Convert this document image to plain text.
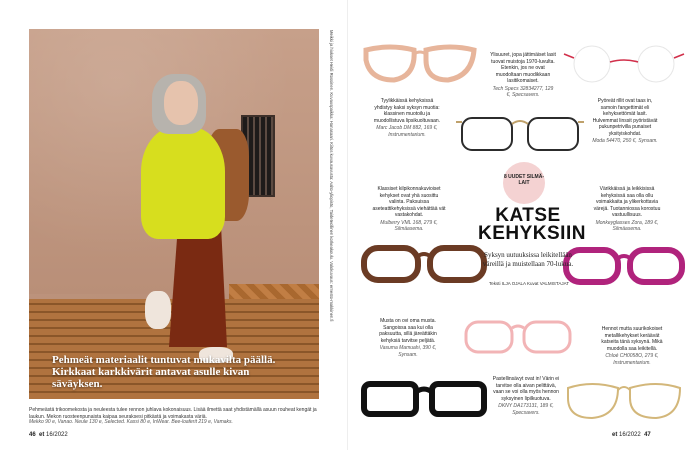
Pehmeät materiaalit tuntuvat mukavilta päällä. Kirkkaat karkkivärit antavat asulle kivan säväyksen.
Pehmeästä trikoomekosta ja neuleesta tulee rennon juhlava kokonaisuus. Lisää ilmettä saat yhdistämällä asuun rouheat kengät ja laukun. Mekon ruosteenpunaista kaipaa seuraksesi pitkästä ja voimakasta väriä.
Mekko 90 e, Vanao. Neule 130 e, Selected. Kassi 80 e, InWear. Bee-loaferit 219 e, Vamaks.
46 et 16/2022
Meikki ja hiukset Heidi Rossinen. Kuvauspaikka: Hanasaari. Kiitos kuvausavusta: Aalto-yliopisto, Taideteollinen korkeakoulu. Valokuvaus: ernesto-makkinen.fi	Ylisuuret, jopa jättimäiset lasit tuovat muistoja 1970-luvulta. Etenkin, jos ne ovat muodoltaan muodikkaan lasitikomaiset.
Tech Specs 32834277, 129 €, Specsavers.
Tyylikkäissä kehyksissä yhdistyy kaksi syksyn muotia: klassinen muotoilu ja muodollistuva lipsikuoltuvaan.
Marc Jacob DM 882, 169 €, Instrumentarium.
Pyöreät rillit ovat taas in, samoin fangettimät eli kehyksettömät lasit. Hulvemmat linssit pyöristävät pukunpetrivilla punaiset yksityiskohdat.
Moda 54470, 250 €, Synsam.
8 UUDET SILMÄ-LAIT
Klassiset kilpikonnakuvioiset kehykset ovat yhä suosittu valinta. Paksuissa aseteattikehyksissä viehättää vät vastakohdat.
Mulberry VML 168, 279 €, Silmäasema.
Värikkäissä ja leikkisissä kehyksissä saa olla ollu voimakkaita ja ylikerkottavia värejä. Tuotanniossa korostuu vastuullisuus.
Monkeyglasses Zora, 189 €, Silmäasema.
KATSE KEHYKSIIN
Syksyn uutuuksissa leikitellään väreillä ja muistellaan 70-lukua.
Teksti ILJA OJALA Kuvat VALMISTAJAT
Musta on ovi oma musta. Sangoissa saa kui olla paksuutta, sillä järeättäkin kehyksiä tarvitse peljätä.
Vasuma Mamuahi, 390 €, Synsam.
Pastellinsävyt ovat in! Värin ei tarvitse olla aivan pelittävä, vaan se voi olla myös hennon syksyinen lipilkuotuva.
DKNY DA173131, 189 €, Specsavers.
Hennot mutta suurikokoiset metallikehykset keräävät katseita tänä syksynä. Mikä muodolla saa leikitellä.
Chloé CH0058O, 279 €, Instrumentarium.
et 16/2022 47
